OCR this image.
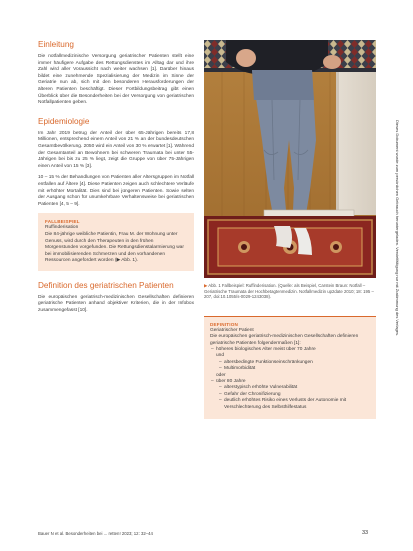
Einleitung

Die notfallmedizinische Versorgung geriatrischer Patienten stellt eine immer häufigere Aufgabe des Rettungsdienstes im Alltag dar und ihre Zahl wird aller Voraussicht nach weiter wachsen [1]. Darüber hinaus bildet eine zunehmende Spezialisierung der Medizin im Sinne der Geriatrie nun ab, sich mit den besonderen Herausforderungen der älteren Patienten beschäftigt. Dieser Fortbildungsbeitrag gibt einen Überblick über die Besonderheiten bei der Versorgung von geriatrischen Notfallpatienten geben.

Epidemiologie

Im Jahr 2019 betrug der Anteil der über 65-Jährigen bereits 17,8 Millionen, entsprechend einem Anteil von 21 % an der bundesdeutschen Gesamtbevölkerung. 2050 wird ein Anteil von 30 % erwartet [1]. Während der Gesamtanteil an Bewohnern bei schweren Traumata bei unter 55-Jährigen bei bis zu 25 % liegt, zeigt die Gruppe von über 75-Jährigen einen Anteil von 15 % [3].

10 – 15 % der Behandlungen von Patienten aller Altersgruppen im Notfall entfallen auf Ältere [4]. Diese Patienten zeigen auch schlechtere Verläufe mit erhöhter Mortalität. Dies sind bei jüngeren Patienten. Sowie selten der Ausgang schon für unumkehrbare Verhaltensweise bei geriatrischen Patienten [4, 5 – 9].

FALLBEISPIEL
Ruffinderisation
Die 84-jährige weibliche Patientin, Frau M. der Wohnung unter Genuss, wird durch den Therapeuten in den frühen Morgenstunden vorgefunden. Die Rettungsdienstalarmierung war bei immobilisierenden Schmerzen und den vorhandenen Ressourcen angefordert worden (▶ Abb. 1).
Definition des geriatrischen Patienten

Die europäischen geriatrisch-medizinischen Gesellschaften definieren geriatrische Patienten anhand objektiver Kriterien, die in der Infobox zusammengefasst [10].

▶ Abb. 1 Fallbeispiel: Ruffinderisation. (Quelle: als Beispiel, Carstein Braun: Notfall – Geriatrische Traumata der Hochbetagtenmedizin. Notfallmedizin up2date 2010; 18: 195 – 207, doi:10.1055/s-0029-1243038).

DEFINITION
Geriatrischer Patient
Die europäischen geriatrisch-medizinischen Gesellschaften definieren geriatrische Patienten folgendermaßen [1]:
– höheres biologisches Alter meist über 70 Jahre
und
– altersbedingte Funktionseinschränkungen
– Multimorbidität
oder
– über 80 Jahre
– alterstypisch erhöhte Vulnerabilität
– Gefahr der Chronifizierung
– deutlich erhöhtes Risiko eines Verlusts der Autonomie mit Verschlechterung des Selbsthilfestatus
Dieses Dokument wurde zum persönlichen Gebrauch heruntergeladen. Vervielfältigung nur mit Zustimmung des Verlages.
Bauer N et al. Besonderheiten bei ... retten! 2023; 12: 32–44	33
